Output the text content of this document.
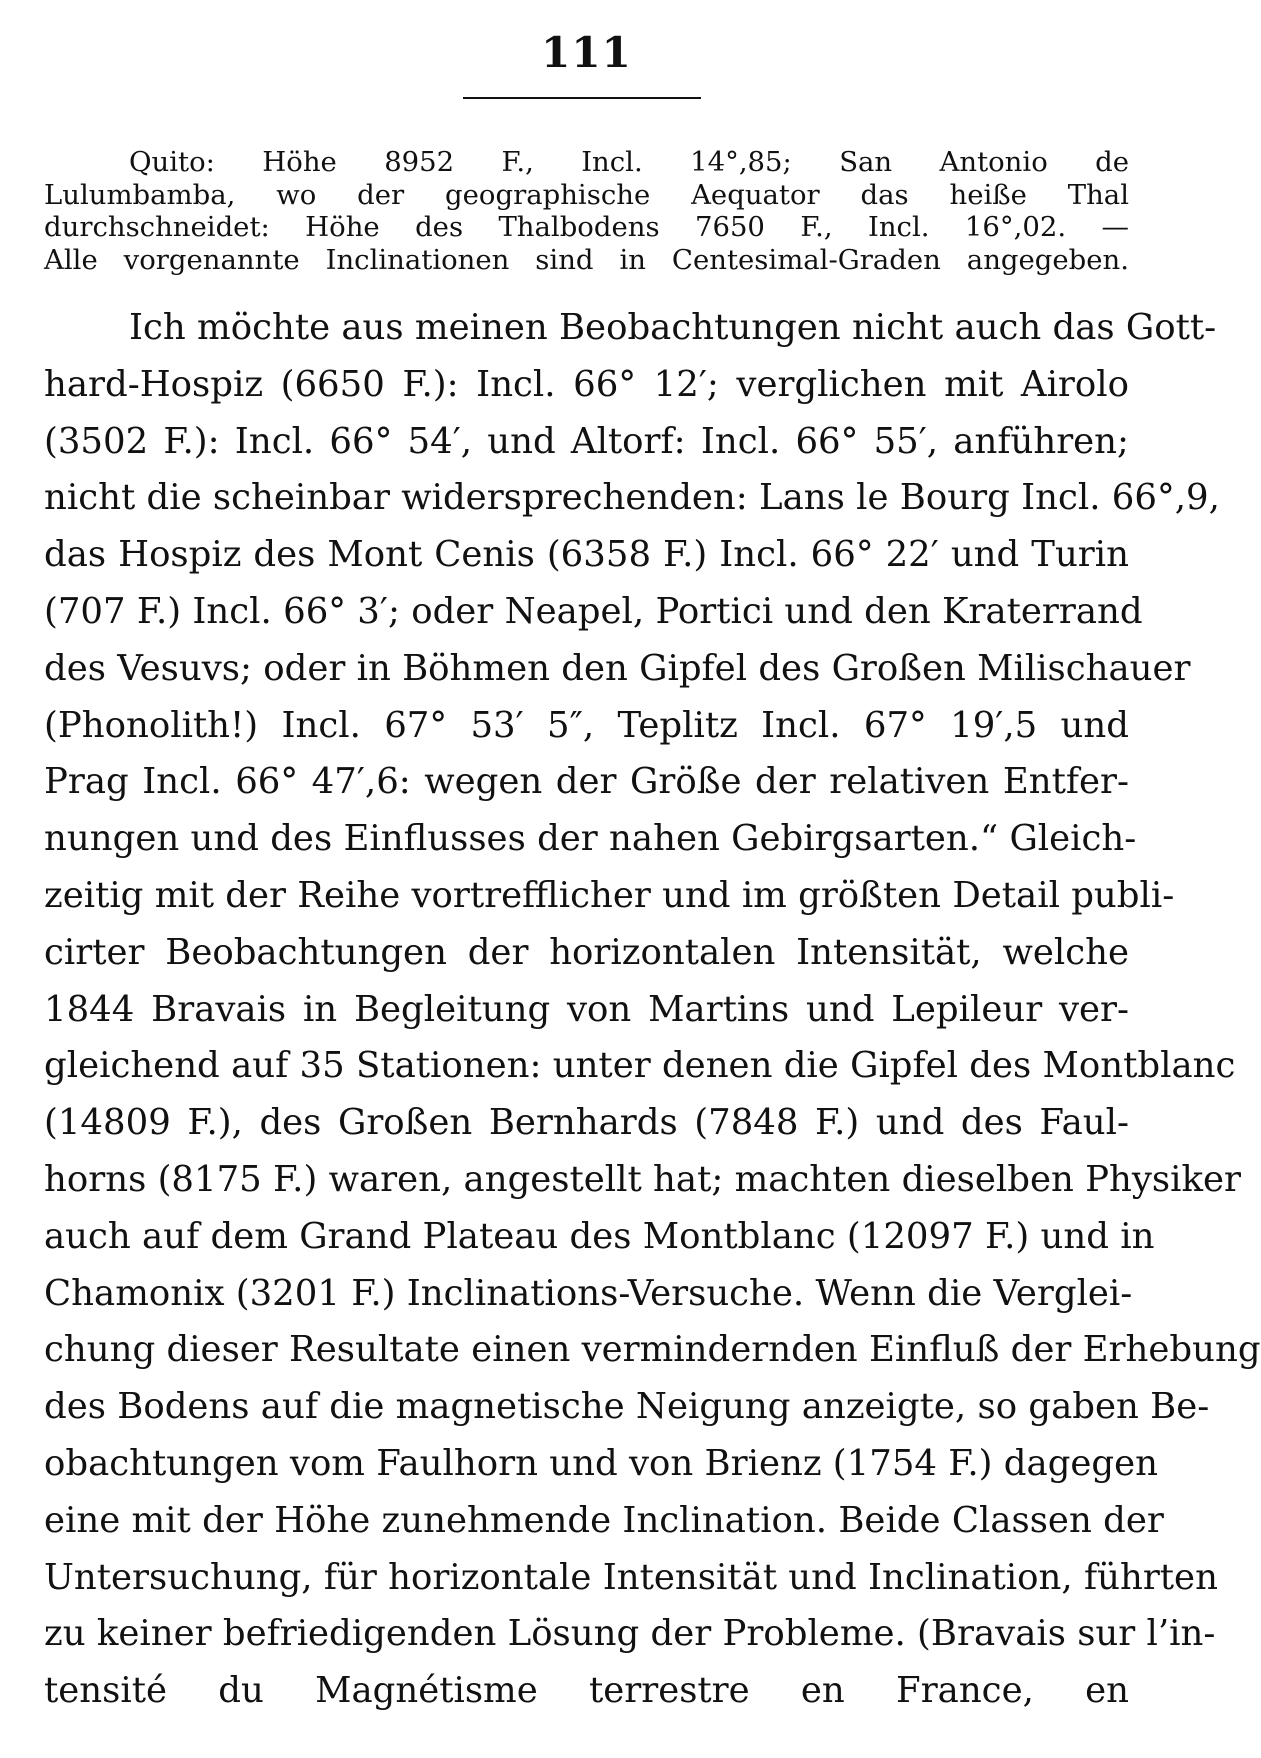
111
Quito: Höhe 8952 F., Incl. 14°,85; San Antonio de
Lulumbamba, wo der geographische Aequator das heiße Thal
durchschneidet: Höhe des Thalbodens 7650 F., Incl. 16°,02. —
Alle vorgenannte Inclinationen sind in Centesimal-Graden angegeben.
Ich möchte aus meinen Beobachtungen nicht auch das Gott-
hard-Hospiz (6650 F.): Incl. 66° 12′; verglichen mit Airolo
(3502 F.): Incl. 66° 54′, und Altorf: Incl. 66° 55′, anführen;
nicht die scheinbar widersprechenden: Lans le Bourg Incl. 66°,9,
das Hospiz des Mont Cenis (6358 F.) Incl. 66° 22′ und Turin
(707 F.) Incl. 66° 3′; oder Neapel, Portici und den Kraterrand
des Vesuvs; oder in Böhmen den Gipfel des Großen Milischauer
(Phonolith!) Incl. 67° 53′ 5″, Teplitz Incl. 67° 19′,5 und
Prag Incl. 66° 47′,6: wegen der Größe der relativen Entfer-
nungen und des Einflusses der nahen Gebirgsarten.“ Gleich-
zeitig mit der Reihe vortrefflicher und im größten Detail publi-
cirter Beobachtungen der horizontalen Intensität, welche
1844 Bravais in Begleitung von Martins und Lepileur ver-
gleichend auf 35 Stationen: unter denen die Gipfel des Montblanc
(14809 F.), des Großen Bernhards (7848 F.) und des Faul-
horns (8175 F.) waren, angestellt hat; machten dieselben Physiker
auch auf dem Grand Plateau des Montblanc (12097 F.) und in
Chamonix (3201 F.) Inclinations-Versuche. Wenn die Verglei-
chung dieser Resultate einen vermindernden Einfluß der Erhebung
des Bodens auf die magnetische Neigung anzeigte, so gaben Be-
obachtungen vom Faulhorn und von Brienz (1754 F.) dagegen
eine mit der Höhe zunehmende Inclination. Beide Classen der
Untersuchung, für horizontale Intensität und Inclination, führten
zu keiner befriedigenden Lösung der Probleme. (Bravais sur l’in-
tensité du Magnétisme terrestre en France, en
